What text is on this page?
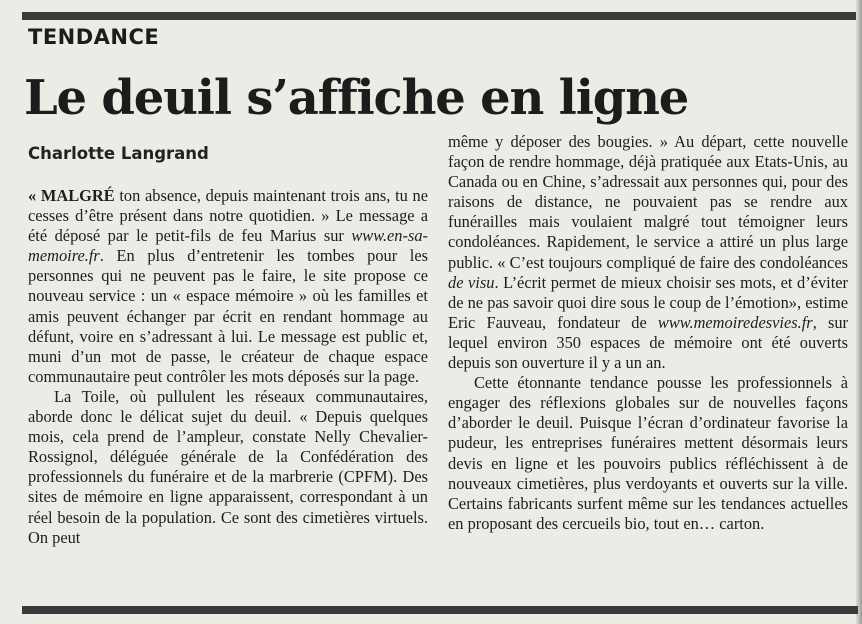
TENDANCE
Le deuil s’affiche en ligne
Charlotte Langrand

« MALGRÉ ton absence, depuis maintenant trois ans, tu ne cesses d’être présent dans notre quotidien. » Le message a été déposé par le petit-fils de feu Marius sur www.en-sa-memoire.fr. En plus d’entretenir les tombes pour les personnes qui ne peuvent pas le faire, le site propose ce nouveau service : un « espace mémoire » où les familles et amis peuvent échanger par écrit en rendant hommage au défunt, voire en s’adressant à lui. Le message est public et, muni d’un mot de passe, le créateur de chaque espace communautaire peut contrôler les mots déposés sur la page.

La Toile, où pullulent les réseaux communautaires, aborde donc le délicat sujet du deuil. « Depuis quelques mois, cela prend de l’ampleur, constate Nelly Chevalier-Rossignol, déléguée générale de la Confédération des professionnels du funéraire et de la marbrerie (CPFM). Des sites de mémoire en ligne apparaissent, correspondant à un réel besoin de la population. Ce sont des cimetières virtuels. On peut

même y déposer des bougies. » Au départ, cette nouvelle façon de rendre hommage, déjà pratiquée aux Etats-Unis, au Canada ou en Chine, s’adressait aux personnes qui, pour des raisons de distance, ne pouvaient pas se rendre aux funérailles mais voulaient malgré tout témoigner leurs condoléances. Rapidement, le service a attiré un plus large public. « C’est toujours compliqué de faire des condoléances de visu. L’écrit permet de mieux choisir ses mots, et d’éviter de ne pas savoir quoi dire sous le coup de l’émotion», estime Eric Fauveau, fondateur de www.memoiredesvies.fr, sur lequel environ 350 espaces de mémoire ont été ouverts depuis son ouverture il y a un an.

Cette étonnante tendance pousse les professionnels à engager des réflexions globales sur de nouvelles façons d’aborder le deuil. Puisque l’écran d’ordinateur favorise la pudeur, les entreprises funéraires mettent désormais leurs devis en ligne et les pouvoirs publics réfléchissent à de nouveaux cimetières, plus verdoyants et ouverts sur la ville. Certains fabricants surfent même sur les tendances actuelles en proposant des cercueils bio, tout en… carton.
